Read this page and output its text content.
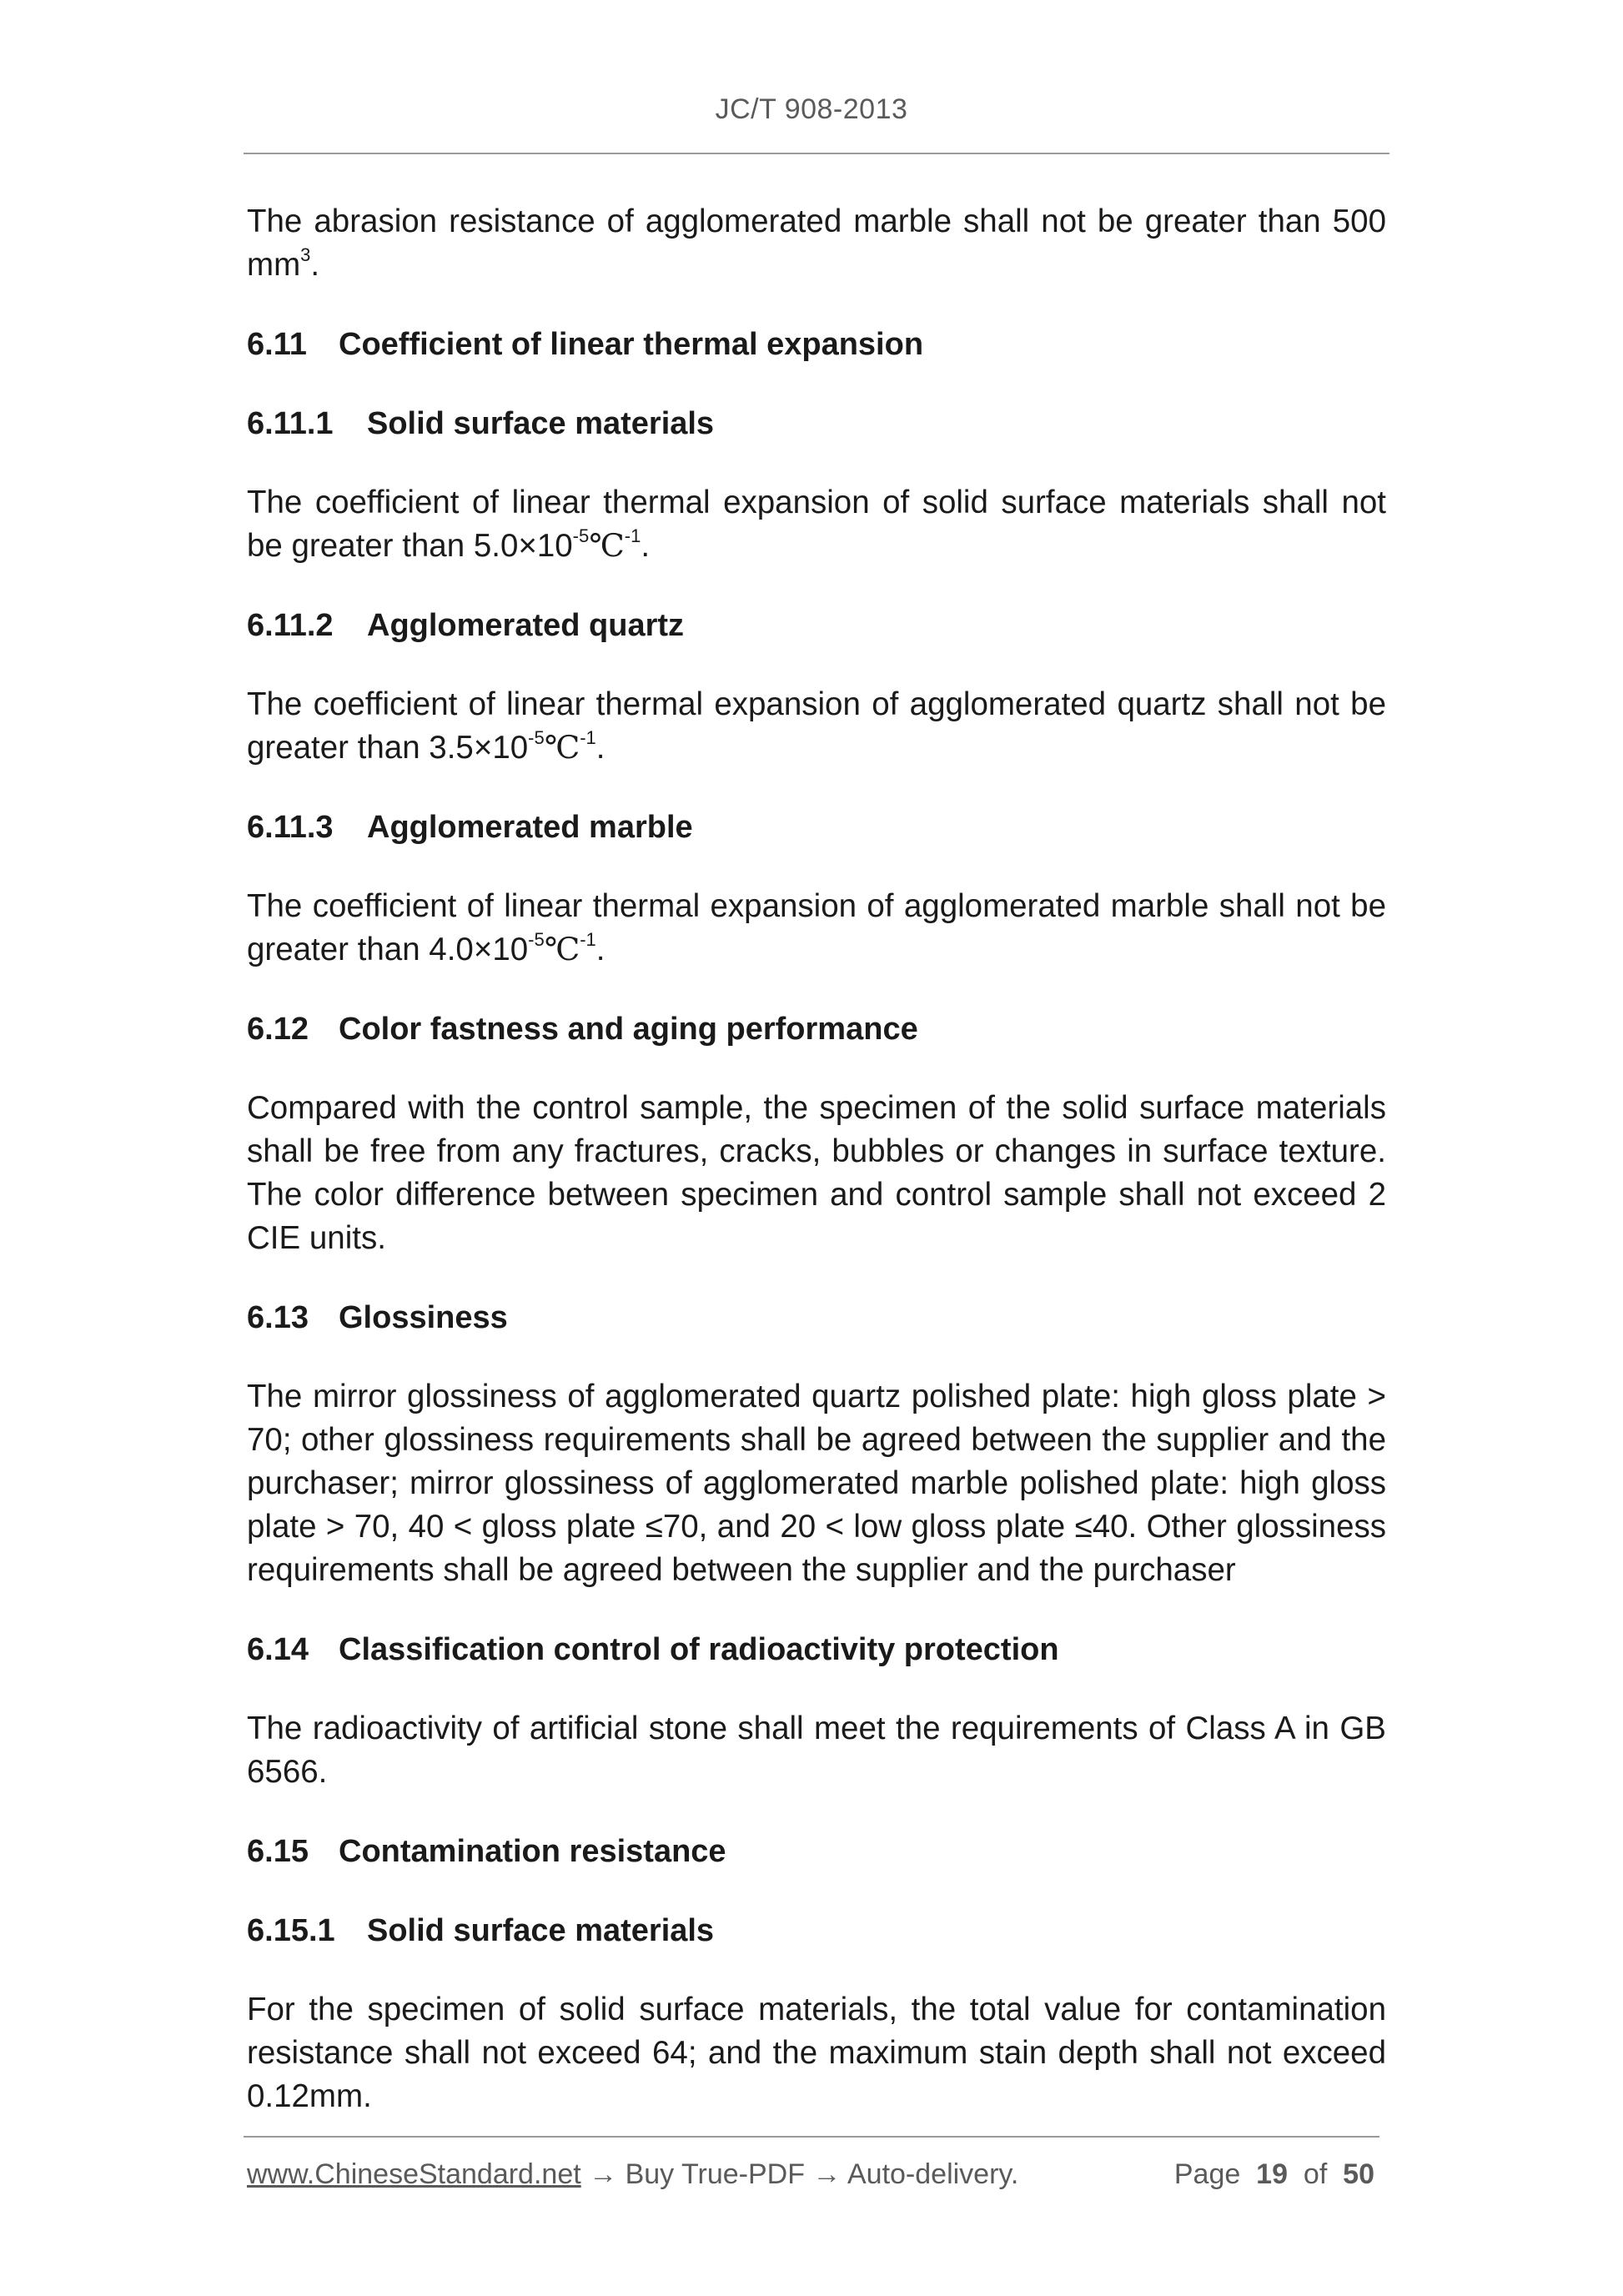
JC/T 908-2013

The abrasion resistance of agglomerated marble shall not be greater than 500 $mm^3$.

6.11 Coefficient of linear thermal expansion
6.11.1 Solid surface materials

The coefficient of linear thermal expansion of solid surface materials shall not be greater than $5.0\times 10^{-5}℃^{-1}$.

6.11.2 Agglomerated quartz

The coefficient of linear thermal expansion of agglomerated quartz shall not be greater than $3.5\times 10^{-5}℃^{-1}$.

6.11.3 Agglomerated marble

The coefficient of linear thermal expansion of agglomerated marble shall not be greater than $4.0\times 10^{-5}℃^{-1}$.

6.12 Color fastness and aging performance

Compared with the control sample, the specimen of the solid surface materials shall be free from any fractures, cracks, bubbles or changes in surface texture. The color difference between specimen and control sample shall not exceed 2 CIE units.

6.13 Glossiness

The mirror glossiness of agglomerated quartz polished plate: high gloss plate > 70; other glossiness requirements shall be agreed between the supplier and the purchaser; mirror glossiness of agglomerated marble polished plate: high gloss plate > 70, 40 < gloss plate ≤70, and 20 < low gloss plate ≤40. Other glossiness requirements shall be agreed between the supplier and the purchaser

6.14 Classification control of radioactivity protection

The radioactivity of artificial stone shall meet the requirements of Class A in GB 6566.

6.15 Contamination resistance
6.15.1 Solid surface materials

For the specimen of solid surface materials, the total value for contamination resistance shall not exceed 64; and the maximum stain depth shall not exceed 0.12mm.

www.ChineseStandard.net → Buy True-PDF → Auto-delivery.	Page 19 of 50
